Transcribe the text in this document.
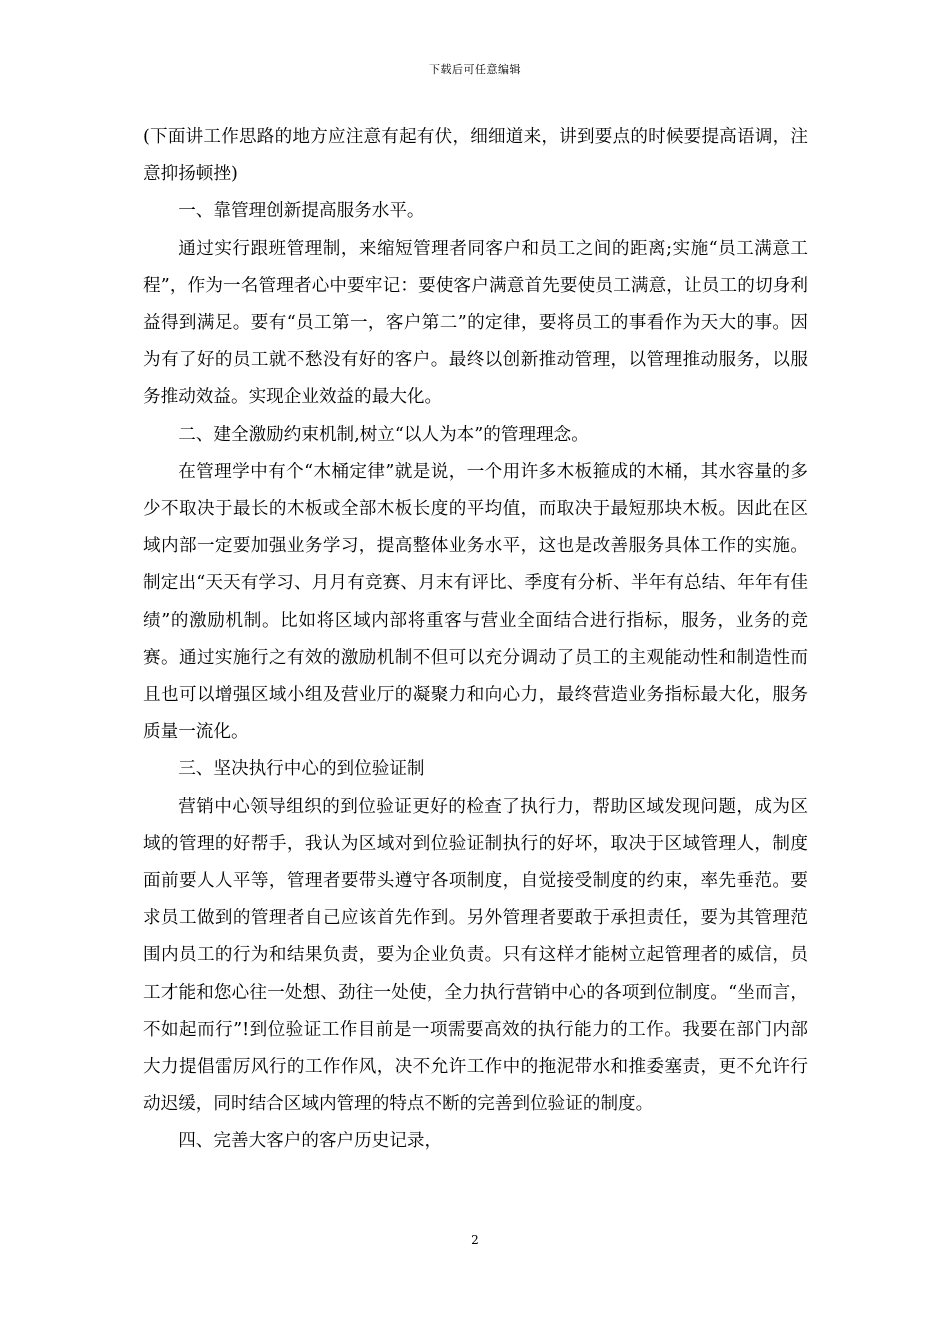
下载后可任意编辑

(下面讲工作思路的地方应注意有起有伏，细细道来，讲到要点的时候要提高语调，注意抑扬顿挫)

一、靠管理创新提高服务水平。

通过实行跟班管理制，来缩短管理者同客户和员工之间的距离;实施“员工满意工程”，作为一名管理者心中要牢记：要使客户满意首先要使员工满意，让员工的切身利益得到满足。要有“员工第一，客户第二”的定律，要将员工的事看作为天大的事。因为有了好的员工就不愁没有好的客户。最终以创新推动管理，以管理推动服务，以服务推动效益。实现企业效益的最大化。

二、建全激励约束机制,树立“以人为本”的管理理念。

在管理学中有个“木桶定律”就是说，一个用许多木板箍成的木桶，其水容量的多少不取决于最长的木板或全部木板长度的平均值，而取决于最短那块木板。因此在区域内部一定要加强业务学习，提高整体业务水平，这也是改善服务具体工作的实施。制定出“天天有学习、月月有竞赛、月末有评比、季度有分析、半年有总结、年年有佳绩”的激励机制。比如将区域内部将重客与营业全面结合进行指标，服务，业务的竞赛。通过实施行之有效的激励机制不但可以充分调动了员工的主观能动性和制造性而且也可以增强区域小组及营业厅的凝聚力和向心力，最终营造业务指标最大化，服务质量一流化。

三、坚决执行中心的到位验证制

营销中心领导组织的到位验证更好的检查了执行力，帮助区域发现问题，成为区域的管理的好帮手，我认为区域对到位验证制执行的好坏，取决于区域管理人，制度面前要人人平等，管理者要带头遵守各项制度，自觉接受制度的约束，率先垂范。要求员工做到的管理者自己应该首先作到。另外管理者要敢于承担责任，要为其管理范围内员工的行为和结果负责，要为企业负责。只有这样才能树立起管理者的威信，员工才能和您心往一处想、劲往一处使，全力执行营销中心的各项到位制度。“坐而言，不如起而行”!到位验证工作目前是一项需要高效的执行能力的工作。我要在部门内部大力提倡雷厉风行的工作作风，决不允许工作中的拖泥带水和推委塞责，更不允许行动迟缓，同时结合区域内管理的特点不断的完善到位验证的制度。

四、完善大客户的客户历史记录，

2
